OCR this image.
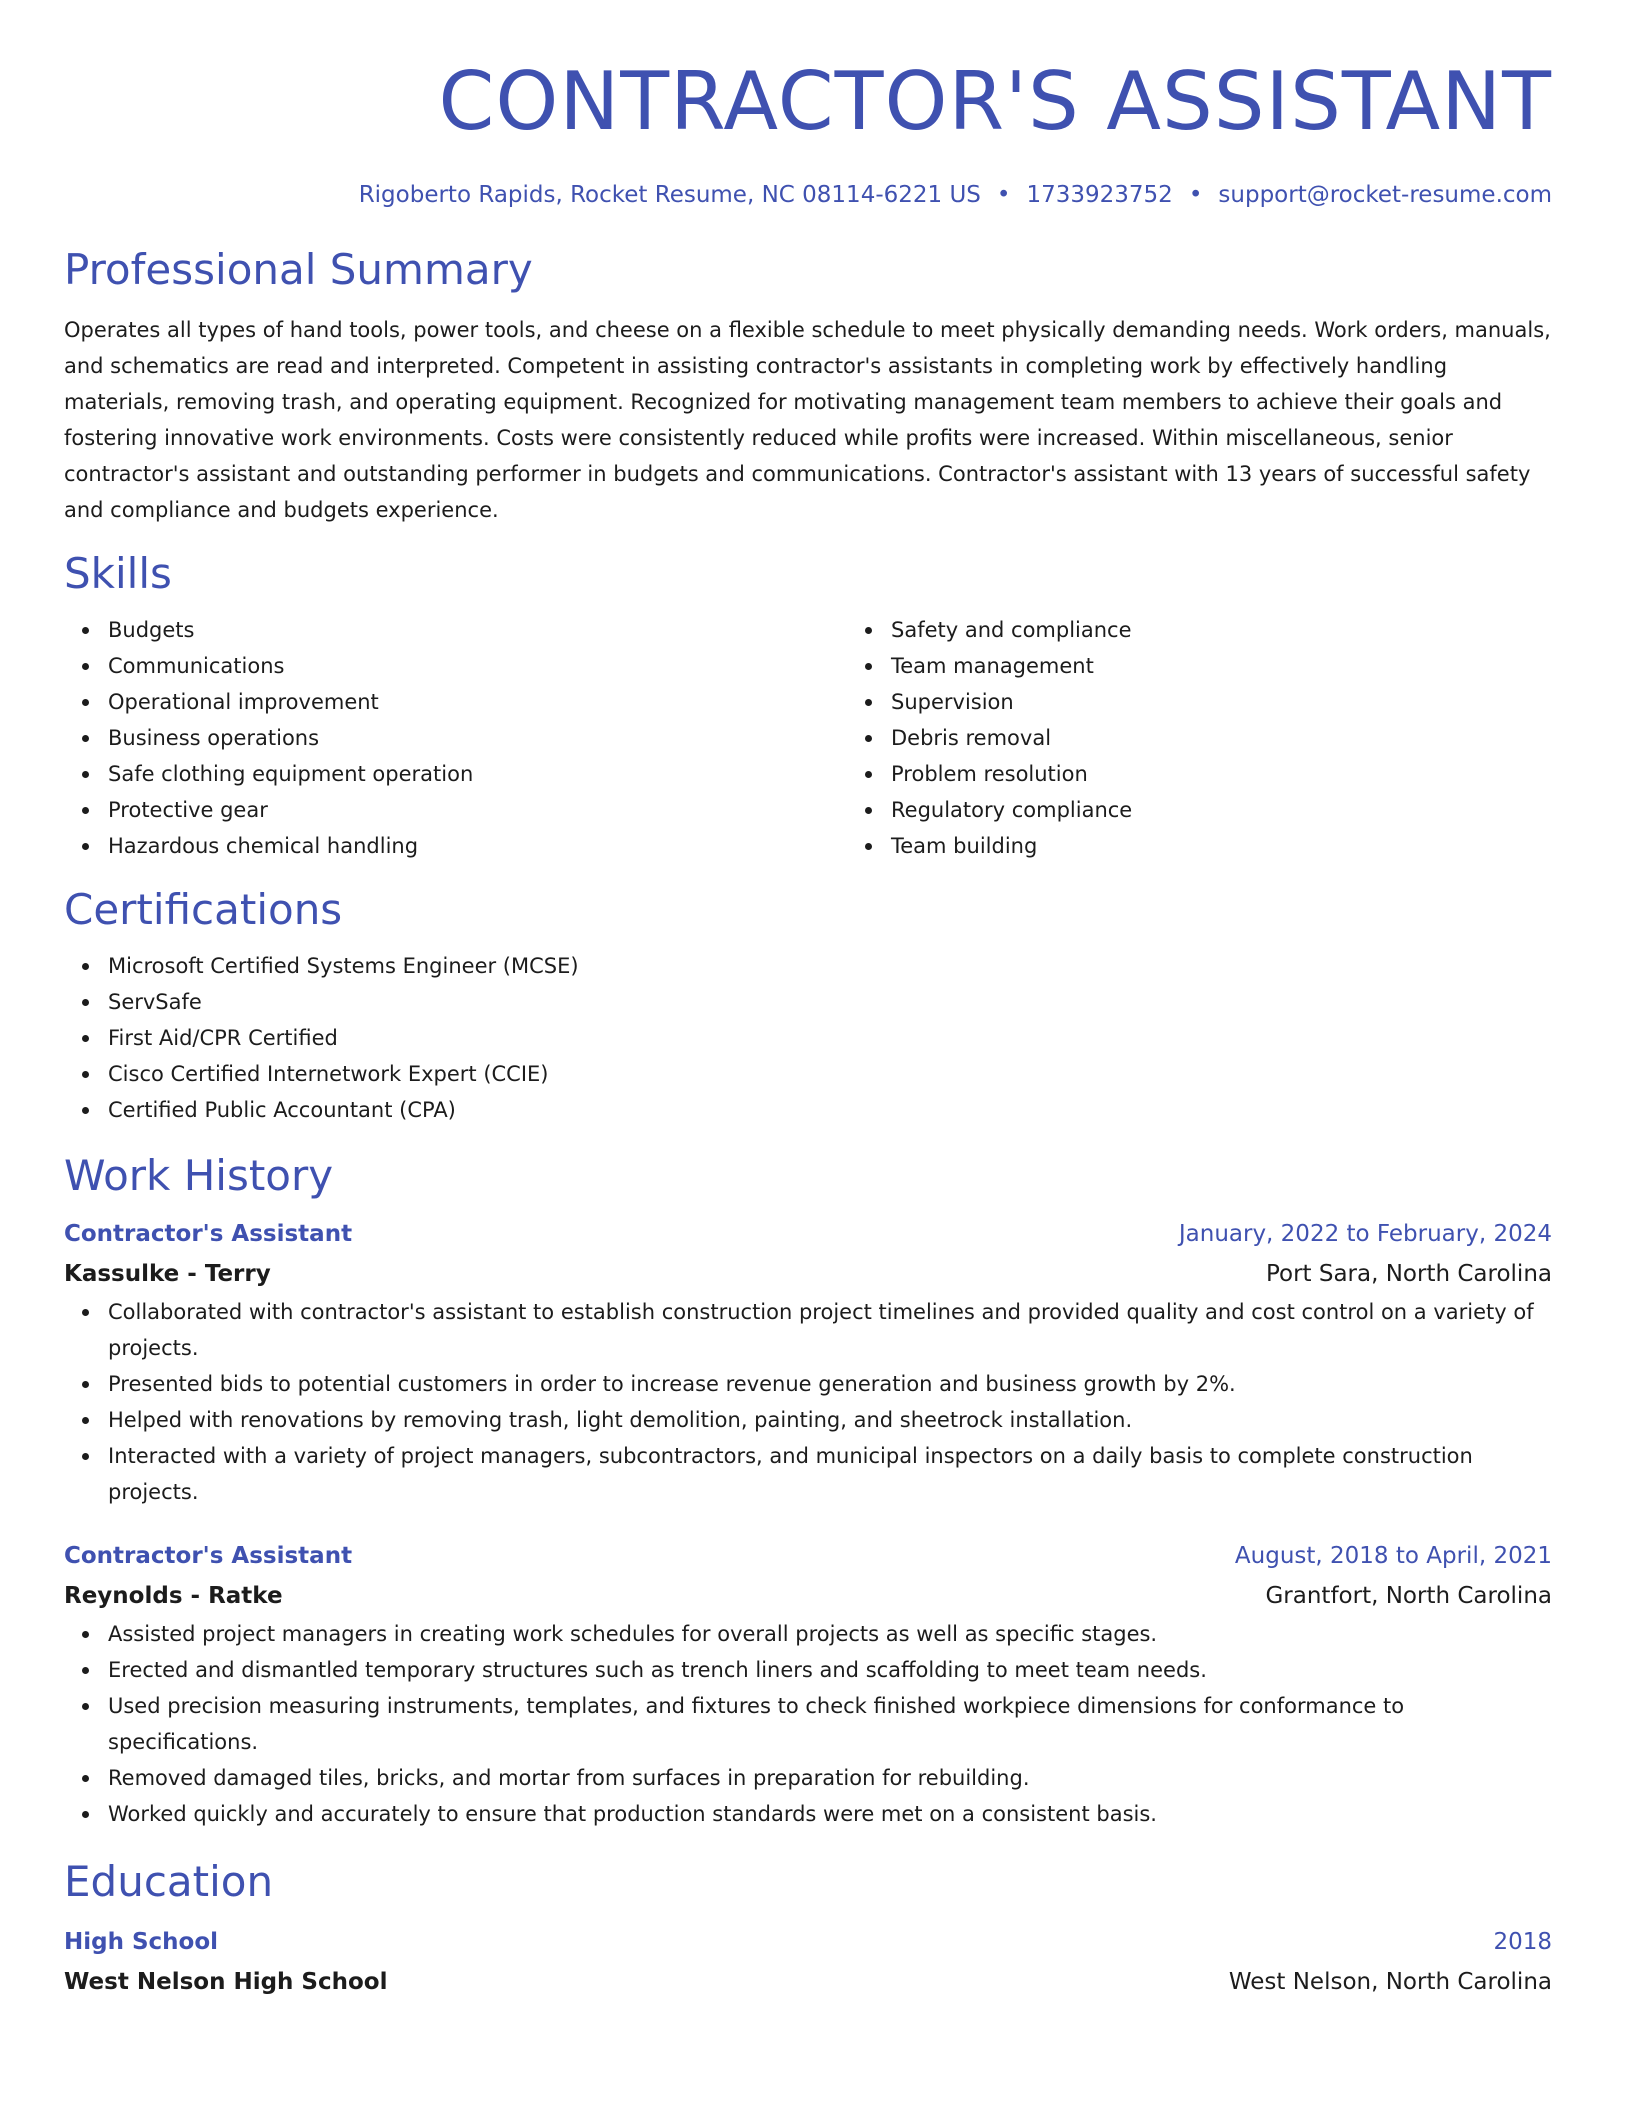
CONTRACTOR'S ASSISTANT
Rigoberto Rapids, Rocket Resume, NC 08114-6221 US • 1733923752 • support@rocket-resume.com
Professional Summary

Operates all types of hand tools, power tools, and cheese on a flexible schedule to meet physically demanding needs. Work orders, manuals, and schematics are read and interpreted. Competent in assisting contractor's assistants in completing work by effectively handling materials, removing trash, and operating equipment. Recognized for motivating management team members to achieve their goals and fostering innovative work environments. Costs were consistently reduced while profits were increased. Within miscellaneous, senior contractor's assistant and outstanding performer in budgets and communications. Contractor's assistant with 13 years of successful safety and compliance and budgets experience.

Skills
Budgets
Communications
Operational improvement
Business operations
Safe clothing equipment operation
Protective gear
Hazardous chemical handling
Safety and compliance
Team management
Supervision
Debris removal
Problem resolution
Regulatory compliance
Team building
Certifications
Microsoft Certified Systems Engineer (MCSE)
ServSafe
First Aid/CPR Certified
Cisco Certified Internetwork Expert (CCIE)
Certified Public Accountant (CPA)
Work History
Contractor's Assistant	January, 2022 to February, 2024
Kassulke - Terry	Port Sara, North Carolina
Collaborated with contractor's assistant to establish construction project timelines and provided quality and cost control on a variety of projects.
Presented bids to potential customers in order to increase revenue generation and business growth by 2%.
Helped with renovations by removing trash, light demolition, painting, and sheetrock installation.
Interacted with a variety of project managers, subcontractors, and municipal inspectors on a daily basis to complete construction projects.
Contractor's Assistant	August, 2018 to April, 2021
Reynolds - Ratke	Grantfort, North Carolina
Assisted project managers in creating work schedules for overall projects as well as specific stages.
Erected and dismantled temporary structures such as trench liners and scaffolding to meet team needs.
Used precision measuring instruments, templates, and fixtures to check finished workpiece dimensions for conformance to specifications.
Removed damaged tiles, bricks, and mortar from surfaces in preparation for rebuilding.
Worked quickly and accurately to ensure that production standards were met on a consistent basis.
Education
High School	2018
West Nelson High School	West Nelson, North Carolina
